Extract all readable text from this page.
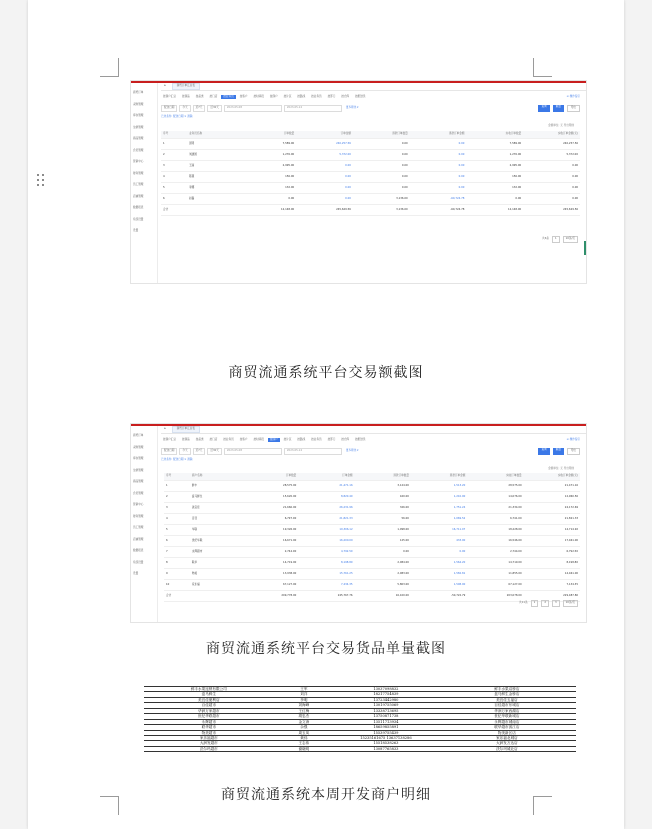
商贸订单
采购管理
库存管理
生鲜管理
商品管理
会员管理
营销中心
财务管理
员工管理
店铺管理
数据报表
系统设置
设置
⌂	商贸订单汇总表
按商户汇总	按商品	按品类	按门店	按业务员	按客户	按时间段	按商户	按片区	按路线	按业务员	按部门	按仓库	按配送员	⊙ 操作指引
配送日期	今天	近7天	近30天	2023-05-08	2023-05-14	更多筛选 ▾	查询	重置	导出
已选条件: 配送日期 × 清除
金额单位: 元 导出明细
序号	业务员名称	订单数量	订单金额	退款订单数量	退款订单金额	实收订单数量	实收订单金额(元)
1	张明	7,589.00	240,257.56	0.00	0.00	7,589.00	240,257.56
2	刘建国	1,276.00	5,372.00	0.00	0.00	1,276.00	5,372.00
3	王丽	2,995.00	0.00	0.00	0.00	2,995.00	0.00
4	陈超	156.00	0.00	0.00	0.00	156.00	0.00
5	李娜	132.00	0.00	0.00	0.00	132.00	0.00
6	赵磊	0.00	0.00	3,136.00	-60,724.78	0.00	0.00
合计		12,148.00	245,629.56	3,136.00	-60,724.78	12,148.00	245,629.56
共6条	1	10条/页
商贸订单
采购管理
库存管理
生鲜管理
商品管理
会员管理
营销中心
财务管理
员工管理
店铺管理
数据报表
系统设置
设置
⌂	商贸订单汇总表
按商户汇总	按商品	按品类	按门店	按业务员	按客户	按时间段	按商户	按片区	按路线	按业务员	按部门	按仓库	按配送员	⊙ 操作指引
配送日期	今天	近7天	近30天	2023-05-08	2023-05-14	更多筛选 ▾	查询	重置	导出
已选条件: 配送日期 × 清除
金额单位: 元 导出明细
序号	商户名称	订单数量	订单金额	退款订单数量	退款订单金额	实收订单数量	实收订单金额(元)
1	鲜丰	28,575.00	21,471.16	3,124.00	1,513.20	28,575.00	21,471.16
2	盒马鲜生	15,620.00	8,820.40	420.00	1,210.00	14,076.00	12,960.56
3	美宜佳	21,660.00	26,231.96	326.00	1,751.24	21,334.00	24,172.69
4	百佳	6,797.00	21,821.33	56.00	1,069.52	6,741.00	21,821.33
5	华联	19,326.00	19,306.12	1,098.00	16,711.07	18,228.00	14,714.92
6	世纪华联	16,671.00	16,200.00	125.00	433.00	16,546.00	17,461.00
7	永辉超市	2,744.00	4,792.50	0.00	0.00	2,744.00	6,792.50
8	联华	14,719.00	8,198.80	2,084.00	1,564.20	14,719.00	8,198.80
9	物美	13,938.00	15,761.25	2,083.00	1,582.81	11,855.00	14,461.00
10	家乐福	67,127.00	7,434.35	5,803.00	1,508.00	67,127.00	7,134.35
合计		209,778.00	245,767.76	16,100.00	-50,722.79	203,078.00	229,487.80
共11条	1	2	3	10条/页
商贸流通系统平台交易额截图
商贸流通系统平台交易货品单量截图
鲜丰水果连锁有限公司	王军	13037098832	鲜丰水果双桥店
盒马鲜生	刘洋	18217754839	盒马鲜生金桥店
美宜佳便利店	李明	13723442980	美宜佳五福店
百佳超市	刘海峰	13019755069	百佳超市东城店
华润万家超市	王红梅	13338713695	华润万家西湖店
世纪华联超市	胡忠杰	13750871738	世纪华联新城店
永辉超市	金文涛	13511713934	永辉超市城南店
联华超市	余强	18659855891	联华超市滨江店
物美超市	周玉凤	15539755439	物美新区店
家乐福超市	黄伟	15235161675 13637138286	家乐福北城店
大润发超市	王志伟	15518538263	大润发万达店
沃尔玛超市	谢晓明	13087765833	沃尔玛城北店
商贸流通系统本周开发商户明细
